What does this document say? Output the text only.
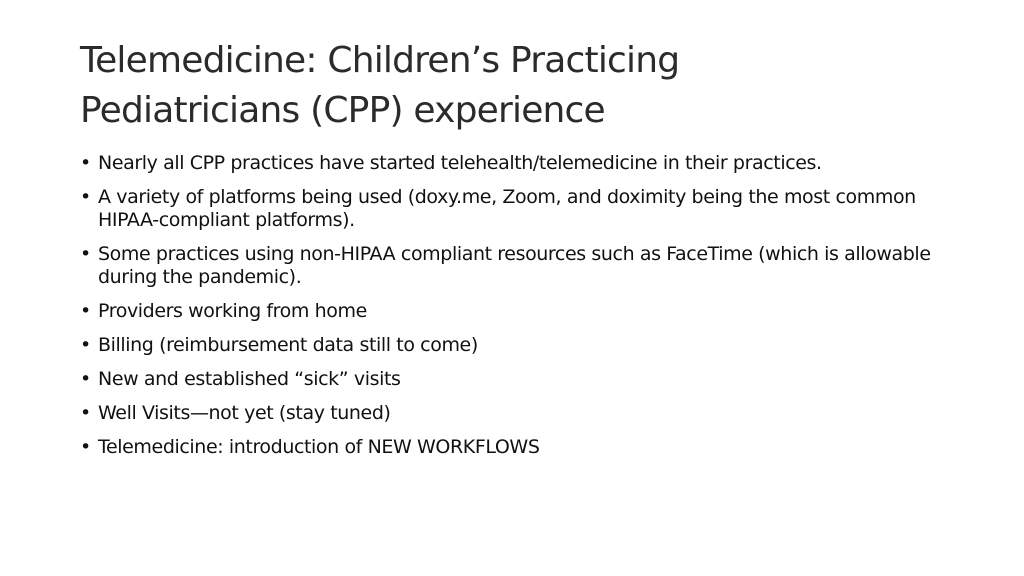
Telemedicine: Children’s Practicing
Pediatricians (CPP) experience
• Nearly all CPP practices have started telehealth/telemedicine in their practices.
• A variety of platforms being used (doxy.me, Zoom, and doximity being the most common HIPAA-compliant platforms).
• Some practices using non-HIPAA compliant resources such as FaceTime (which is allowable during the pandemic).
• Providers working from home
• Billing (reimbursement data still to come)
• New and established “sick” visits
• Well Visits—not yet (stay tuned)
• Telemedicine: introduction of NEW WORKFLOWS
